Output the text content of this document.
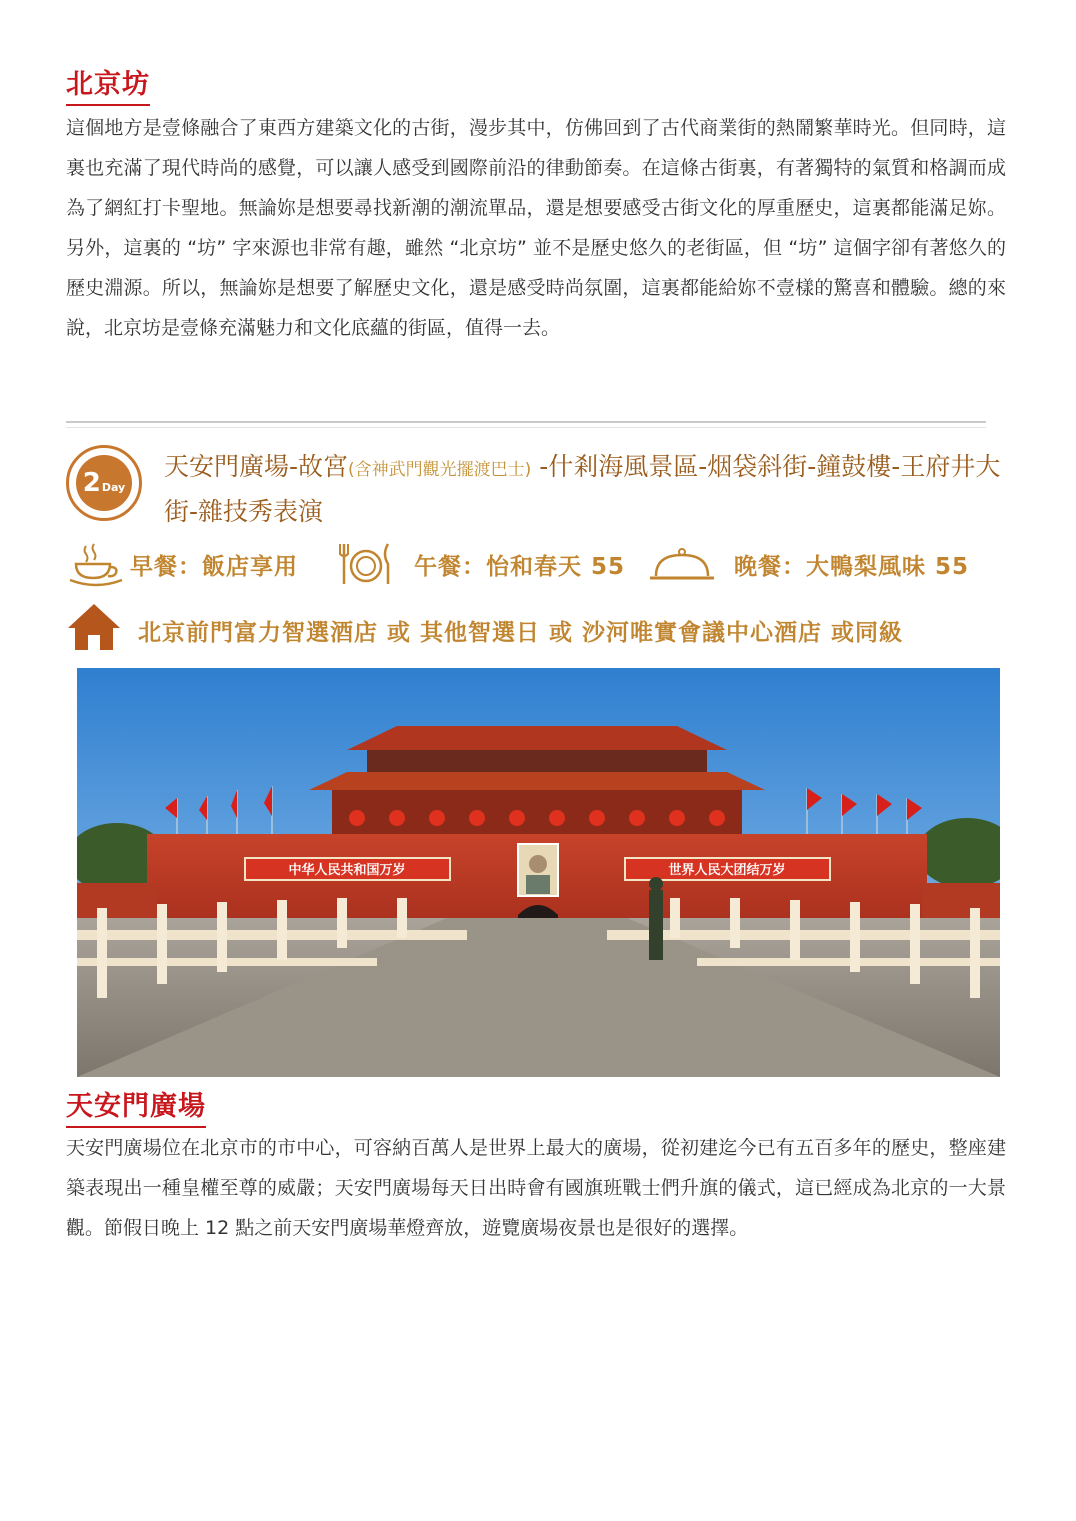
北京坊

這個地方是壹條融合了東西方建築文化的古街，漫步其中，仿佛回到了古代商業街的熱鬧繁華時光。但同時，這裏也充滿了現代時尚的感覺，可以讓人感受到國際前沿的律動節奏。在這條古街裏，有著獨特的氣質和格調而成為了網紅打卡聖地。無論妳是想要尋找新潮的潮流單品，還是想要感受古街文化的厚重歷史，這裏都能滿足妳。另外，這裏的 “坊” 字來源也非常有趣，雖然 “北京坊” 並不是歷史悠久的老街區，但 “坊” 這個字卻有著悠久的歷史淵源。所以，無論妳是想要了解歷史文化，還是感受時尚氛圍，這裏都能給妳不壹樣的驚喜和體驗。總的來說，北京坊是壹條充滿魅力和文化底蘊的街區，值得一去。

2 Day

天安門廣場-故宮(含神武門觀光擺渡巴士) -什剎海風景區-烟袋斜街-鐘鼓樓-王府井大街-雜技秀表演

早餐：飯店享用	午餐：怡和春天 55	晚餐：大鴨梨風味 55
北京前門富力智選酒店 或 其他智選日 或 沙河唯實會議中心酒店 或同級
中华人民共和国万岁	世界人民大团结万岁
天安門廣場

天安門廣場位在北京市的市中心，可容納百萬人是世界上最大的廣場，從初建迄今已有五百多年的歷史，整座建築表現出一種皇權至尊的威嚴；天安門廣場每天日出時會有國旗班戰士們升旗的儀式，這已經成為北京的一大景觀。節假日晚上 12 點之前天安門廣場華燈齊放，遊覽廣場夜景也是很好的選擇。
